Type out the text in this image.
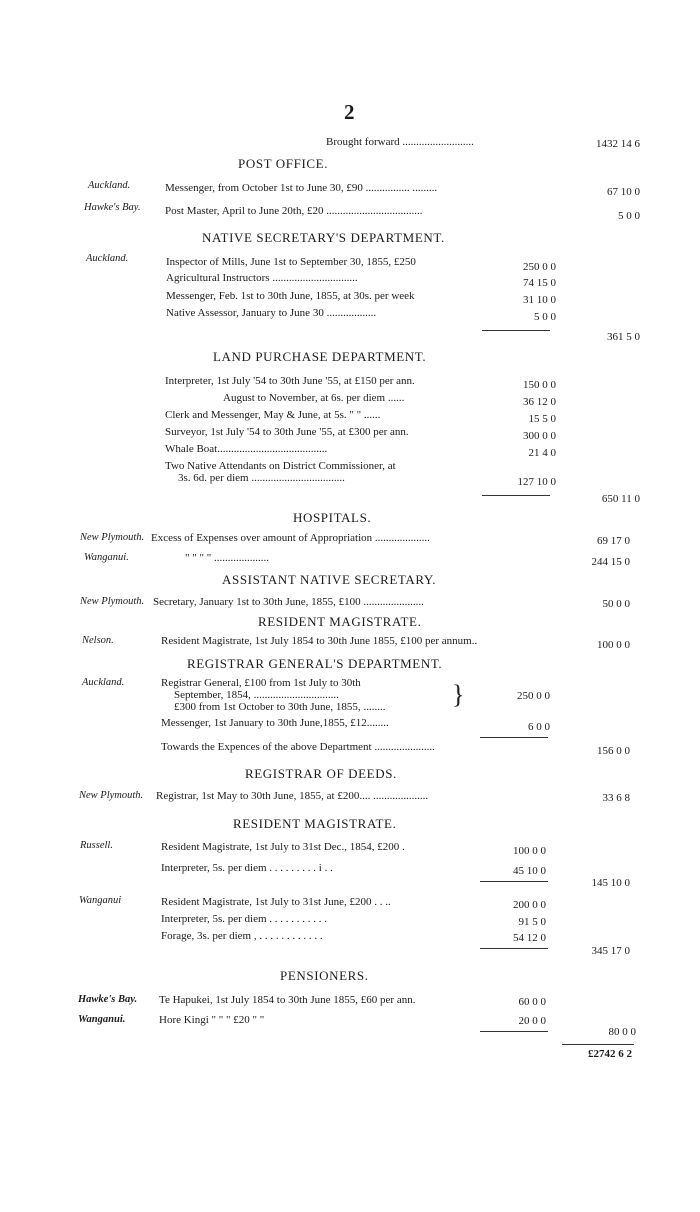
2
Brought forward ..........................	1432 14 6
POST OFFICE.
Auckland.	Messenger, from October 1st to June 30, £90 ................ .........	67 10 0
Hawke's Bay. Post Master, April to June 20th, £20 ...................................	5 0 0
NATIVE SECRETARY'S DEPARTMENT.
Auckland.	Inspector of Mills, June 1st to September 30, 1855, £250	250 0 0
Agricultural Instructors ...............................	74 15 0
Messenger, Feb. 1st to 30th June, 1855, at 30s. per week	31 10 0
Native Assessor, January to June 30 ..................	5 0 0
361 5 0
LAND PURCHASE DEPARTMENT.
Interpreter, 1st July '54 to 30th June '55, at £150 per ann.	150 0 0
August to November, at 6s. per diem ......	36 12 0
Clerk and Messenger, May & June, at 5s. " " ......	15 5 0
Surveyor, 1st July '54 to 30th June '55, at £300 per ann.	300 0 0
Whale Boat........................................	21 4 0
Two Native Attendants on District Commissioner, at
3s. 6d. per diem ..................................	127 10 0
650 11 0
HOSPITALS.
New Plymouth. Excess of Expenses over amount of Appropriation ....................	69 17 0
Wanganui.	" " " " ....................	244 15 0
ASSISTANT NATIVE SECRETARY.
New Plymouth. Secretary, January 1st to 30th June, 1855, £100 ......................	50 0 0
RESIDENT MAGISTRATE.
Nelson.	Resident Magistrate, 1st July 1854 to 30th June 1855, £100 per annum..	100 0 0
REGISTRAR GENERAL'S DEPARTMENT.
Auckland.	Registrar General, £100 from 1st July to 30th
September, 1854, ...............................
£300 from 1st October to 30th June, 1855, ........	}	250 0 0
Messenger, 1st January to 30th June,1855, £12........	6 0 0
Towards the Expences of the above Department ......................	156 0 0
REGISTRAR OF DEEDS.
New Plymouth. Registrar, 1st May to 30th June, 1855, at £200.... ....................	33 6 8
RESIDENT MAGISTRATE.
Russell.	Resident Magistrate, 1st July to 31st Dec., 1854, £200 .	100 0 0
Interpreter, 5s. per diem . . . . . . . . . i . .	45 10 0
145 10 0
Wanganui	Resident Magistrate, 1st July to 31st June, £200 . . ..	200 0 0
Interpreter, 5s. per diem . . . . . . . . . . .	91 5 0
Forage, 3s. per diem , . . . . . . . . . . . .	54 12 0
345 17 0
PENSIONERS.
Hawke's Bay. Te Hapukei, 1st July 1854 to 30th June 1855, £60 per ann.	60 0 0
Wanganui.	Hore Kingi " " " £20 " "	20 0 0
80 0 0
£2742 6 2
